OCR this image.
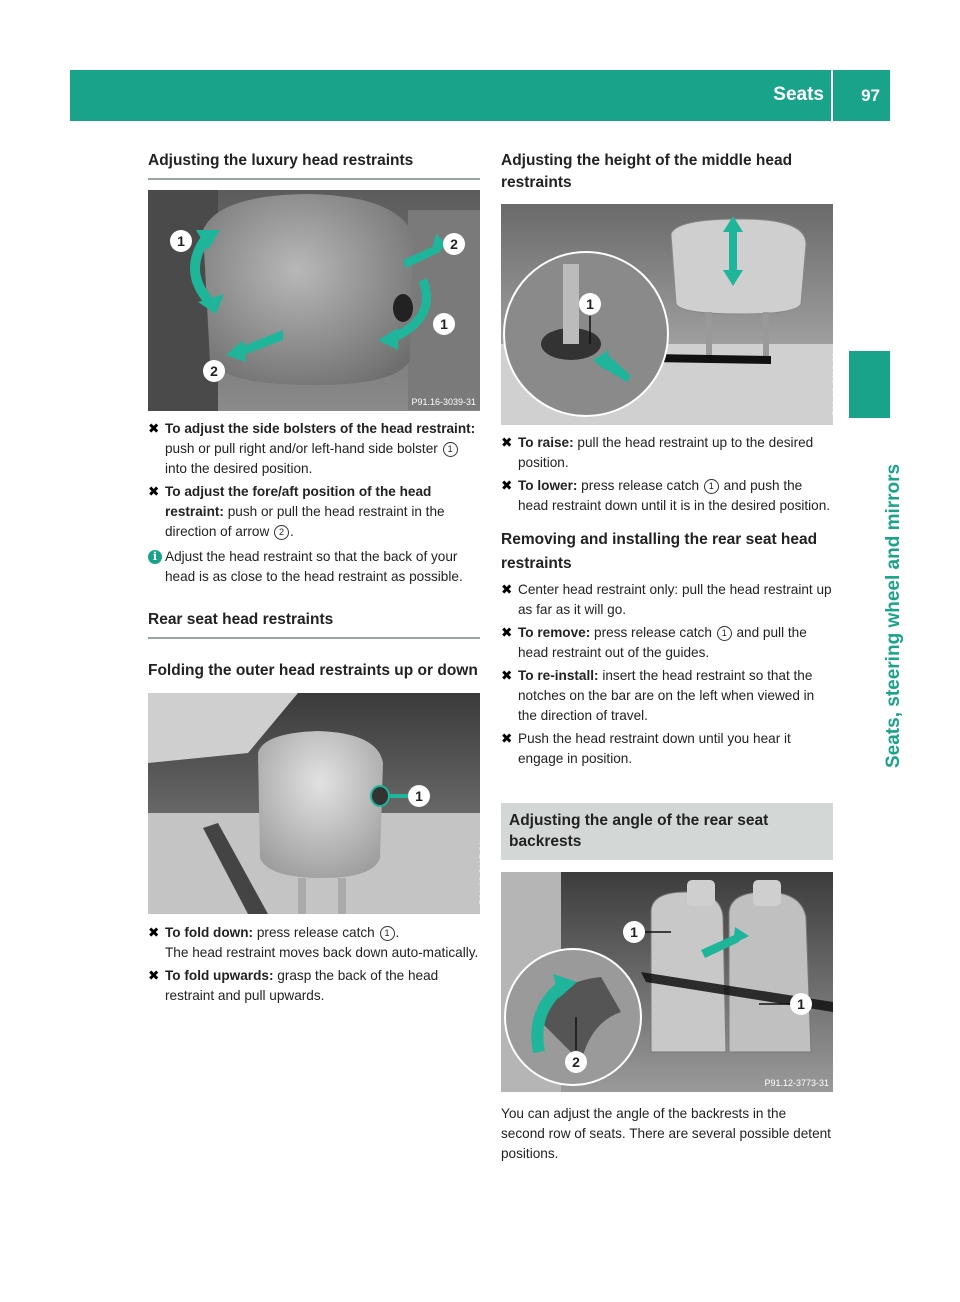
Seats 97
Seats, steering wheel and mirrors
Adjusting the luxury head restraints
1	2
1
2
P91.16-3039-31
✖ To adjust the side bolsters of the head restraint: push or pull right and/or left-hand side bolster 1 into the desired position.
✖ To adjust the fore/aft position of the head restraint: push or pull the head restraint in the direction of arrow 2 .
i Adjust the head restraint so that the back of your head is as close to the head restraint as possible.
Rear seat head restraints
Folding the outer head restraints up or down
1
P91.16-3117-31
✖ To fold down: press release catch 1 .
The head restraint moves back down auto-matically.
✖ To fold upwards: grasp the back of the head restraint and pull upwards.
Adjusting the height of the middle head restraints
1
P91.16-3118-31
✖ To raise: pull the head restraint up to the desired position.
✖ To lower: press release catch 1 and push the head restraint down until it is in the desired position.
Removing and installing the rear seat head restraints
✖ Center head restraint only: pull the head restraint up as far as it will go.
✖ To remove: press release catch 1 and pull the head restraint out of the guides.
✖ To re-install: insert the head restraint so that the notches on the bar are on the left when viewed in the direction of travel.
✖ Push the head restraint down until you hear it engage in position.
Adjusting the angle of the rear seat backrests
1
1
2
P91.12-3773-31
You can adjust the angle of the backrests in the second row of seats. There are several possible detent positions.
